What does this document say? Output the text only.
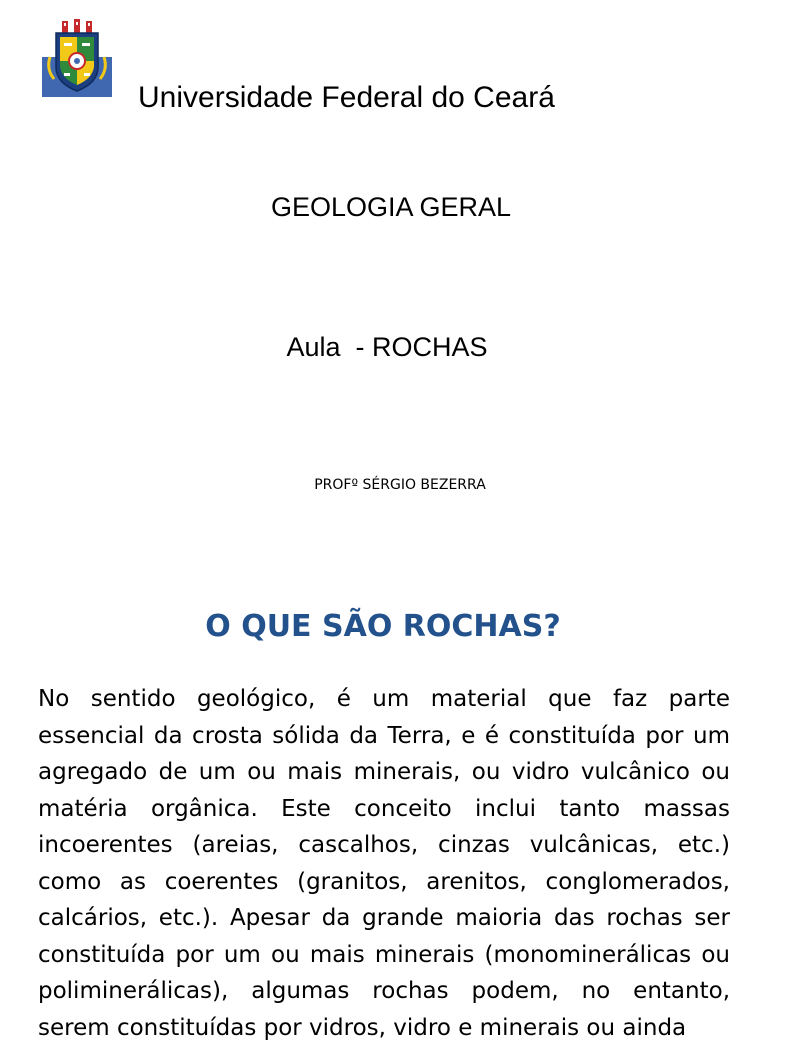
Universidade Federal do Ceará
GEOLOGIA GERAL
Aula  - ROCHAS
PROFº SÉRGIO BEZERRA
O QUE SÃO ROCHAS?

No sentido geológico, é um material que faz parte essencial da crosta sólida da Terra, e é constituída por um agregado de um ou mais minerais, ou vidro vulcânico ou matéria orgânica. Este conceito inclui tanto massas incoerentes (areias, cascalhos, cinzas vulcânicas, etc.) como as coerentes (granitos, arenitos, conglomerados, calcários, etc.). Apesar da grande maioria das rochas ser constituída por um ou mais minerais (monominerálicas ou poliminerálicas), algumas rochas podem, no entanto, serem constituídas por vidros, vidro e minerais ou ainda
